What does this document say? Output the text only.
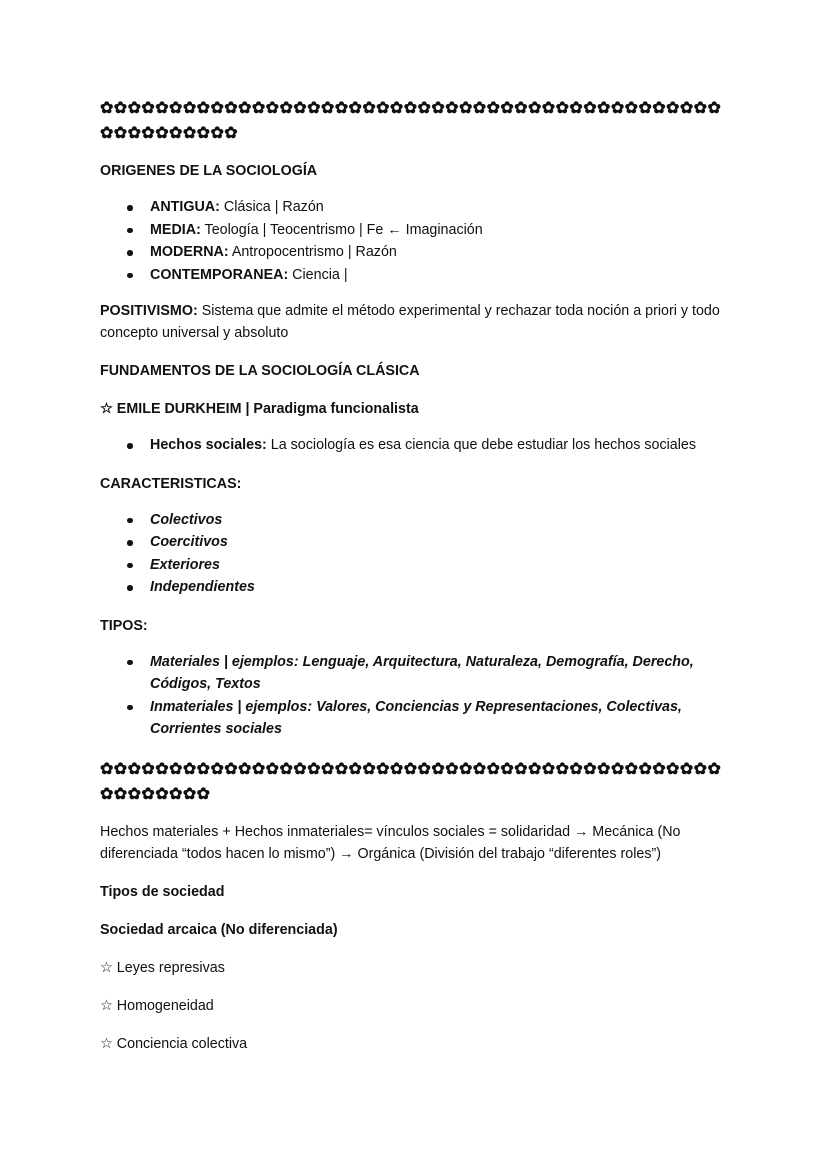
✿✿✿✿✿✿✿✿✿✿✿✿✿✿✿✿✿✿✿✿✿✿✿✿✿✿✿✿✿✿✿✿✿✿✿✿✿✿✿✿✿✿✿✿✿✿✿✿✿✿✿✿✿✿✿

ORIGENES DE LA SOCIOLOGÍA

ANTIGUA: Clásica | Razón
MEDIA: Teología | Teocentrismo | Fe ← Imaginación
MODERNA: Antropocentrismo | Razón
CONTEMPORANEA: Ciencia |

POSITIVISMO: Sistema que admite el método experimental y rechazar toda noción a priori y todo concepto universal y absoluto

FUNDAMENTOS DE LA SOCIOLOGÍA CLÁSICA

☆ EMILE DURKHEIM | Paradigma funcionalista

Hechos sociales: La sociología es esa ciencia que debe estudiar los hechos sociales

CARACTERISTICAS:

Colectivos
Coercitivos
Exteriores
Independientes

TIPOS:

Materiales | ejemplos: Lenguaje, Arquitectura, Naturaleza, Demografía, Derecho, Códigos, Textos
Inmateriales | ejemplos: Valores, Conciencias y Representaciones, Colectivas, Corrientes sociales

✿✿✿✿✿✿✿✿✿✿✿✿✿✿✿✿✿✿✿✿✿✿✿✿✿✿✿✿✿✿✿✿✿✿✿✿✿✿✿✿✿✿✿✿✿✿✿✿✿✿✿✿✿

Hechos materiales + Hechos inmateriales= vínculos sociales = solidaridad → Mecánica (No diferenciada “todos hacen lo mismo”) → Orgánica (División del trabajo “diferentes roles”)

Tipos de sociedad

Sociedad arcaica (No diferenciada)

☆ Leyes represivas

☆ Homogeneidad

☆ Conciencia colectiva
